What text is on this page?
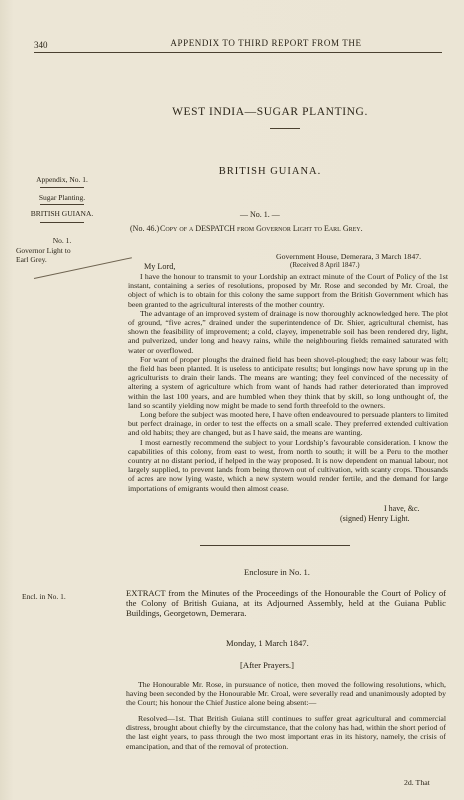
340	APPENDIX TO THIRD REPORT FROM THE
WEST INDIA—SUGAR PLANTING.
BRITISH GUIANA.
Appendix, No. 1.
Sugar Planting.
BRITISH GUIANA.
No. 1.
Governor Light to
Earl Grey.
— No. 1. —
(No. 46.) Copy of a DESPATCH from Governor Light to Earl Grey.
Government House, Demerara, 3 March 1847.
(Received 8 April 1847.)
My Lord,

I have the honour to transmit to your Lordship an extract minute of the Court of Policy of the 1st instant, containing a series of resolutions, proposed by Mr. Rose and seconded by Mr. Croal, the object of which is to obtain for this colony the same support from the British Government which has been granted to the agricultural interests of the mother country.

The advantage of an improved system of drainage is now thoroughly acknowledged here. The plot of ground, “five acres,” drained under the superintendence of Dr. Shier, agricultural chemist, has shown the feasibility of improvement; a cold, clayey, impenetrable soil has been rendered dry, light, and pulverized, under long and heavy rains, while the neighbouring fields remained saturated with water or overflowed.

For want of proper ploughs the drained field has been shovel-ploughed; the easy labour was felt; the field has been planted. It is useless to anticipate results; but longings now have sprung up in the agriculturists to drain their lands. The means are wanting; they feel convinced of the necessity of altering a system of agriculture which from want of hands had rather deteriorated than improved within the last 100 years, and are humbled when they think that by skill, so long unthought of, the land so scantily yielding now might be made to send forth threefold to the owners.

Long before the subject was mooted here, I have often endeavoured to persuade planters to limited but perfect drainage, in order to test the effects on a small scale. They preferred extended cultivation and old habits; they are changed, but as I have said, the means are wanting.

I most earnestly recommend the subject to your Lordship’s favourable consideration. I know the capabilities of this colony, from east to west, from north to south; it will be a Peru to the mother country at no distant period, if helped in the way proposed. It is now dependent on manual labour, not largely supplied, to prevent lands from being thrown out of cultivation, with scanty crops. Thousands of acres are now lying waste, which a new system would render fertile, and the demand for large importations of emigrants would then almost cease.

I have, &c.
(signed) Henry Light.
Enclosure in No. 1.
Encl. in No. 1.	EXTRACT from the Minutes of the Proceedings of the Honourable the Court of Policy of the Colony of British Guiana, at its Adjourned Assembly, held at the Guiana Public Buildings, Georgetown, Demerara.
Monday, 1 March 1847.
[After Prayers.]

The Honourable Mr. Rose, in pursuance of notice, then moved the following resolutions, which, having been seconded by the Honourable Mr. Croal, were severally read and unanimously adopted by the Court; his honour the Chief Justice alone being absent:—

Resolved—1st. That British Guiana still continues to suffer great agricultural and commercial distress, brought about chiefly by the circumstance, that the colony has had, within the short period of the last eight years, to pass through the two most important eras in its history, namely, the crisis of emancipation, and that of the removal of protection.

2d. That
